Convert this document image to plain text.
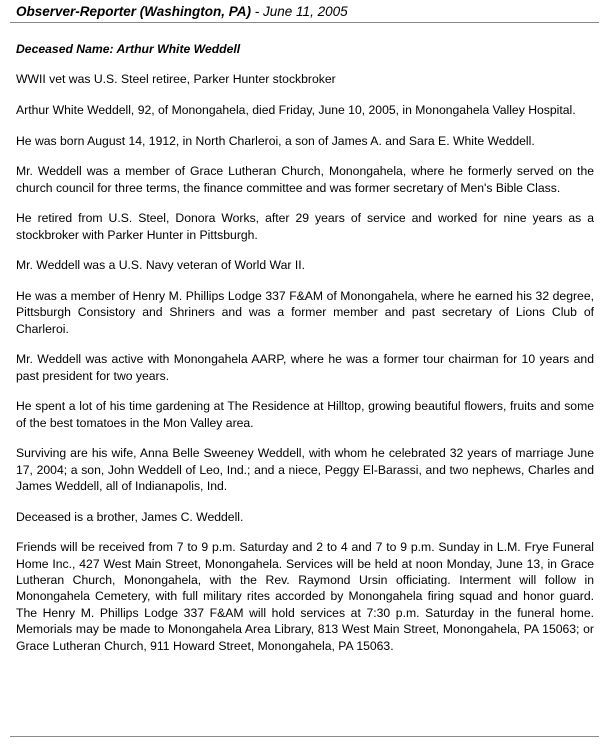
Observer-Reporter (Washington, PA) - June 11, 2005
Deceased Name: Arthur White Weddell

WWII vet was U.S. Steel retiree, Parker Hunter stockbroker

Arthur White Weddell, 92, of Monongahela, died Friday, June 10, 2005, in Monongahela Valley Hospital.

He was born August 14, 1912, in North Charleroi, a son of James A. and Sara E. White Weddell.

Mr. Weddell was a member of Grace Lutheran Church, Monongahela, where he formerly served on the church council for three terms, the finance committee and was former secretary of Men's Bible Class.

He retired from U.S. Steel, Donora Works, after 29 years of service and worked for nine years as a stockbroker with Parker Hunter in Pittsburgh.

Mr. Weddell was a U.S. Navy veteran of World War II.

He was a member of Henry M. Phillips Lodge 337 F&AM of Monongahela, where he earned his 32 degree, Pittsburgh Consistory and Shriners and was a former member and past secretary of Lions Club of Charleroi.

Mr. Weddell was active with Monongahela AARP, where he was a former tour chairman for 10 years and past president for two years.

He spent a lot of his time gardening at The Residence at Hilltop, growing beautiful flowers, fruits and some of the best tomatoes in the Mon Valley area.

Surviving are his wife, Anna Belle Sweeney Weddell, with whom he celebrated 32 years of marriage June 17, 2004; a son, John Weddell of Leo, Ind.; and a niece, Peggy El-Barassi, and two nephews, Charles and James Weddell, all of Indianapolis, Ind.

Deceased is a brother, James C. Weddell.

Friends will be received from 7 to 9 p.m. Saturday and 2 to 4 and 7 to 9 p.m. Sunday in L.M. Frye Funeral Home Inc., 427 West Main Street, Monongahela. Services will be held at noon Monday, June 13, in Grace Lutheran Church, Monongahela, with the Rev. Raymond Ursin officiating. Interment will follow in Monongahela Cemetery, with full military rites accorded by Monongahela firing squad and honor guard. The Henry M. Phillips Lodge 337 F&AM will hold services at 7:30 p.m. Saturday in the funeral home. Memorials may be made to Monongahela Area Library, 813 West Main Street, Monongahela, PA 15063; or Grace Lutheran Church, 911 Howard Street, Monongahela, PA 15063.
